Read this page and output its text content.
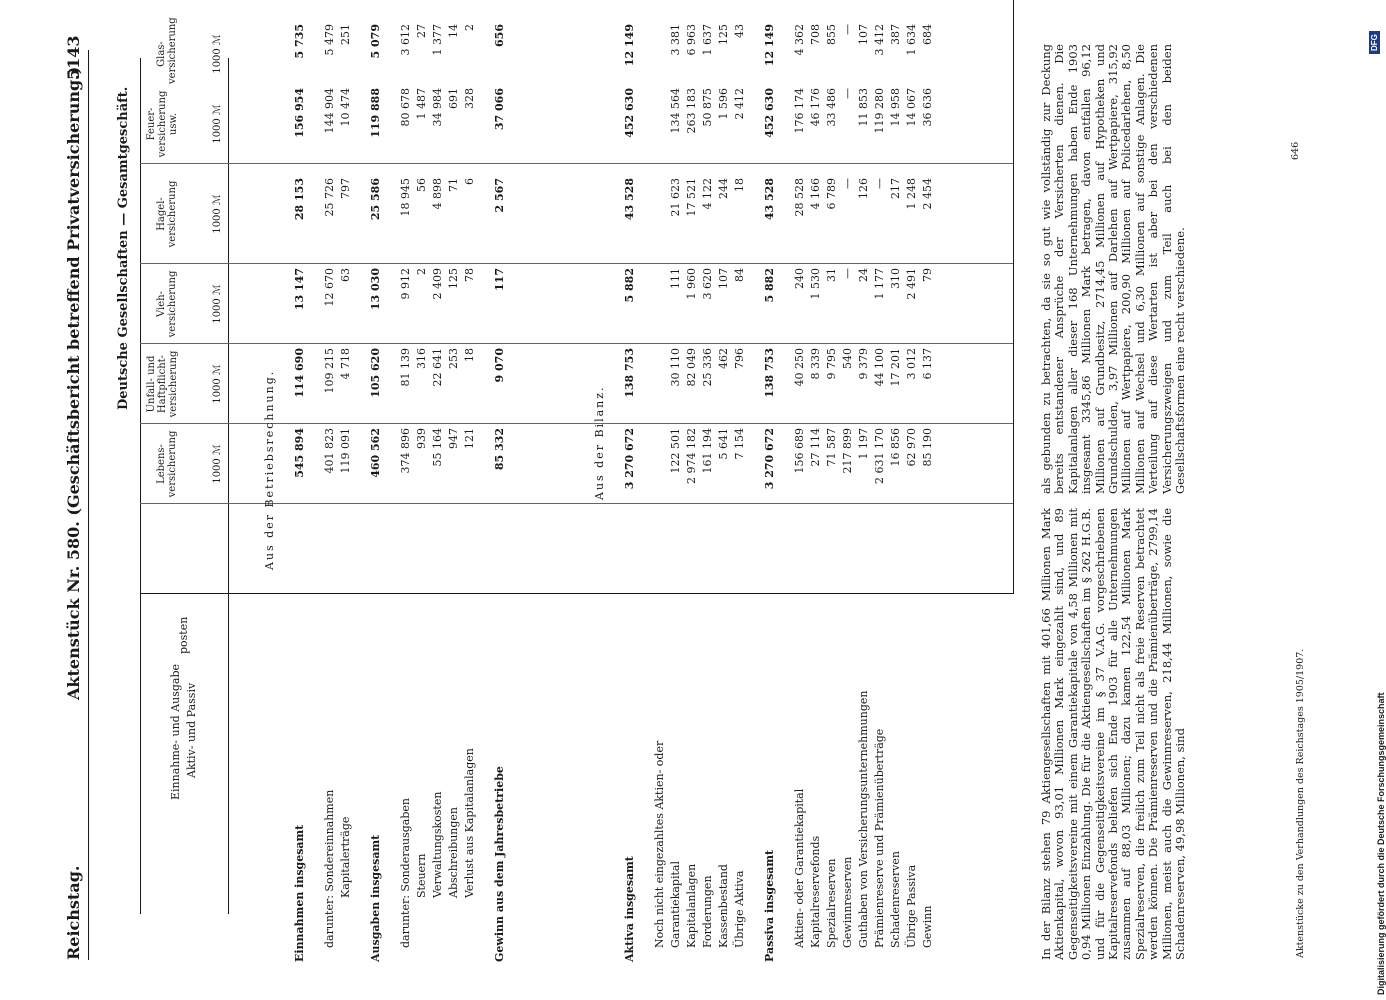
Reichstag.
Aktenstück Nr. 580. (Geschäftsbericht betreffend Privatversicherung.)
5143
Deutsche Gesellschaften — Gesamtgeschäft.
Einnahme- und Ausgabe Aktiv- und Passiv
posten
Lebens-
versicherung
Unfall- und
Haftpflicht-
versicherung
Vieh-
versicherung
Hagel-
versicherung
Feuer-
versicherung
usw.
Glas-
versicherung
1000 ℳ
1000 ℳ
1000 ℳ
1000 ℳ
1000 ℳ
1000 ℳ
Aus der Betriebsrechnung.
Einnahmen insgesamt
545 894
114 690
13 147
28 153
156 954
5 735
darunter: Sondereinnahmen
401 823
109 215
12 670
25 726
144 904
5 479
Kapitalerträge
119 091
4 718
63
797
10 474
251
Ausgaben insgesamt
460 562
105 620
13 030
25 586
119 888
5 079
darunter: Sonderausgaben
374 896
81 139
9 912
18 945
80 678
3 612
Steuern
939
316
2
56
1 487
27
Verwaltungskosten
55 164
22 641
2 409
4 898
34 984
1 377
Abschreibungen
947
253
125
71
691
14
Verlust aus Kapitalanlagen
121
18
78
6
328
2
Gewinn aus dem Jahresbetriebe
85 332
9 070
117
2 567
37 066
656
Aus der Bilanz.
Aktiva insgesamt
3 270 672
138 753
5 882
43 528
452 630
12 149
Noch nicht eingezahltes Aktien- oder Garantiekapital
122 501
30 110
111
21 623
134 564
3 381
Kapitalanlagen
2 974 182
82 049
1 960
17 521
263 183
6 963
Forderungen
161 194
25 336
3 620
4 122
50 875
1 637
Kassenbestand
5 641
462
107
244
1 596
125
Übrige Aktiva
7 154
796
84
18
2 412
43
Passiva insgesamt
3 270 672
138 753
5 882
43 528
452 630
12 149
Aktien- oder Garantiekapital
156 689
40 250
240
28 528
176 174
4 362
Kapitalreservefonds
27 114
8 339
1 530
4 166
46 176
708
Spezialreserven
71 587
9 795
31
6 789
33 486
855
Gewinnreserven
217 899
540
—
—
—
—
Guthaben von Versicherungsunternehmungen
1 197
9 379
24
126
11 853
107
Prämienreserve und Prämienüberträge
2 631 170
44 100
1 177
—
119 280
3 412
Schadenreserven
16 856
17 201
310
217
14 958
387
Übrige Passiva
62 970
3 012
2 491
1 248
14 067
1 634
Gewinn
85 190
6 137
79
2 454
36 636
684
In der Bilanz stehen 79 Aktiengesellschaften mit 401,66 Millionen Mark Aktienkapital, wovon 93,01 Millionen Mark eingezahlt sind, und 89 Gegenseitigkeitsvereine mit einem Garantiekapitale von 4,58 Millionen mit 0,94 Millionen Einzahlung. Die für die Aktiengesellschaften im § 262 H.G.B. und für die Gegenseitigkeitsvereine im § 37 V.A.G. vorgeschriebenen Kapitalreservefonds beliefen sich Ende 1903 für alle Unternehmungen zusammen auf 88,03 Millionen; dazu kamen 122,54 Millionen Mark Spezialreserven, die freilich zum Teil nicht als freie Reserven betrachtet werden können. Die Prämienreserven und die Prämienüberträge, 2799,14 Millionen, meist auch die Gewinnreserven, 218,44 Millionen, sowie die Schadenreserven, 49,98 Millionen, sind
als gebunden zu betrachten, da sie so gut wie vollständig zur Deckung bereits entstandener Ansprüche der Versicherten dienen. Die Kapitalanlagen aller dieser 168 Unternehmungen haben Ende 1903 insgesamt 3345,86 Millionen Mark betragen, davon entfallen 96,12 Millionen auf Grundbesitz, 2714,45 Millionen auf Hypotheken und Grundschulden, 3,97 Millionen auf Darlehen auf Wertpapiere, 315,92 Millionen auf Wertpapiere, 200,90 Millionen auf Policedarlehen, 8,50 Millionen auf Wechsel und 6,30 Millionen auf sonstige Anlagen. Die Verteilung auf diese Wertarten ist aber bei den verschiedenen Versicherungszweigen und zum Teil auch bei den beiden Gesellschaftsformen eine recht verschiedene.
Aktenstücke zu den Verhandlungen des Reichstages 1905/1907.
646
Digitalisierung gefördert durch die Deutsche Forschungsgemeinschaft
DFG
